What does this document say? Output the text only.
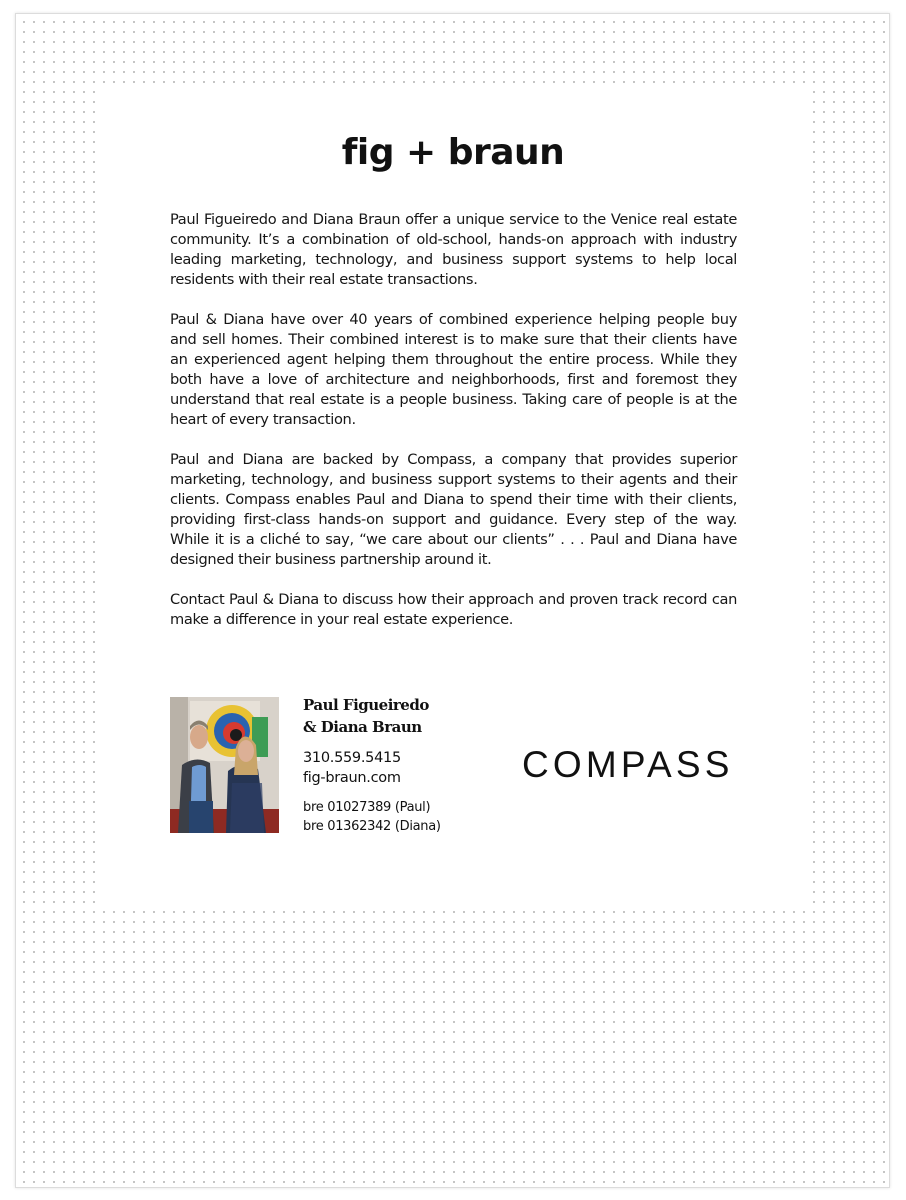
fig + braun

Paul Figueiredo and Diana Braun offer a unique service to the Venice real estate community. It’s a combination of old-school, hands-on approach with industry leading marketing, technology, and business support systems to help local residents with their real estate transactions.

Paul & Diana have over 40 years of combined experience helping people buy and sell homes. Their combined interest is to make sure that their clients have an experienced agent helping them throughout the entire process. While they both have a love of architecture and neighborhoods, first and foremost they understand that real estate is a people business. Taking care of people is at the heart of every transaction.

Paul and Diana are backed by Compass, a company that provides superior marketing, technology, and business support systems to their agents and their clients. Compass enables Paul and Diana to spend their time with their clients, providing first-class hands-on support and guidance. Every step of the way. While it is a cliché to say, “we care about our clients” . . . Paul and Diana have designed their business partnership around it.

Contact Paul & Diana to discuss how their approach and proven track record can make a difference in your real estate experience.

Paul Figueiredo
& Diana Braun
310.559.5415
fig-braun.com
bre 01027389 (Paul)
bre 01362342 (Diana)
COMPASS
